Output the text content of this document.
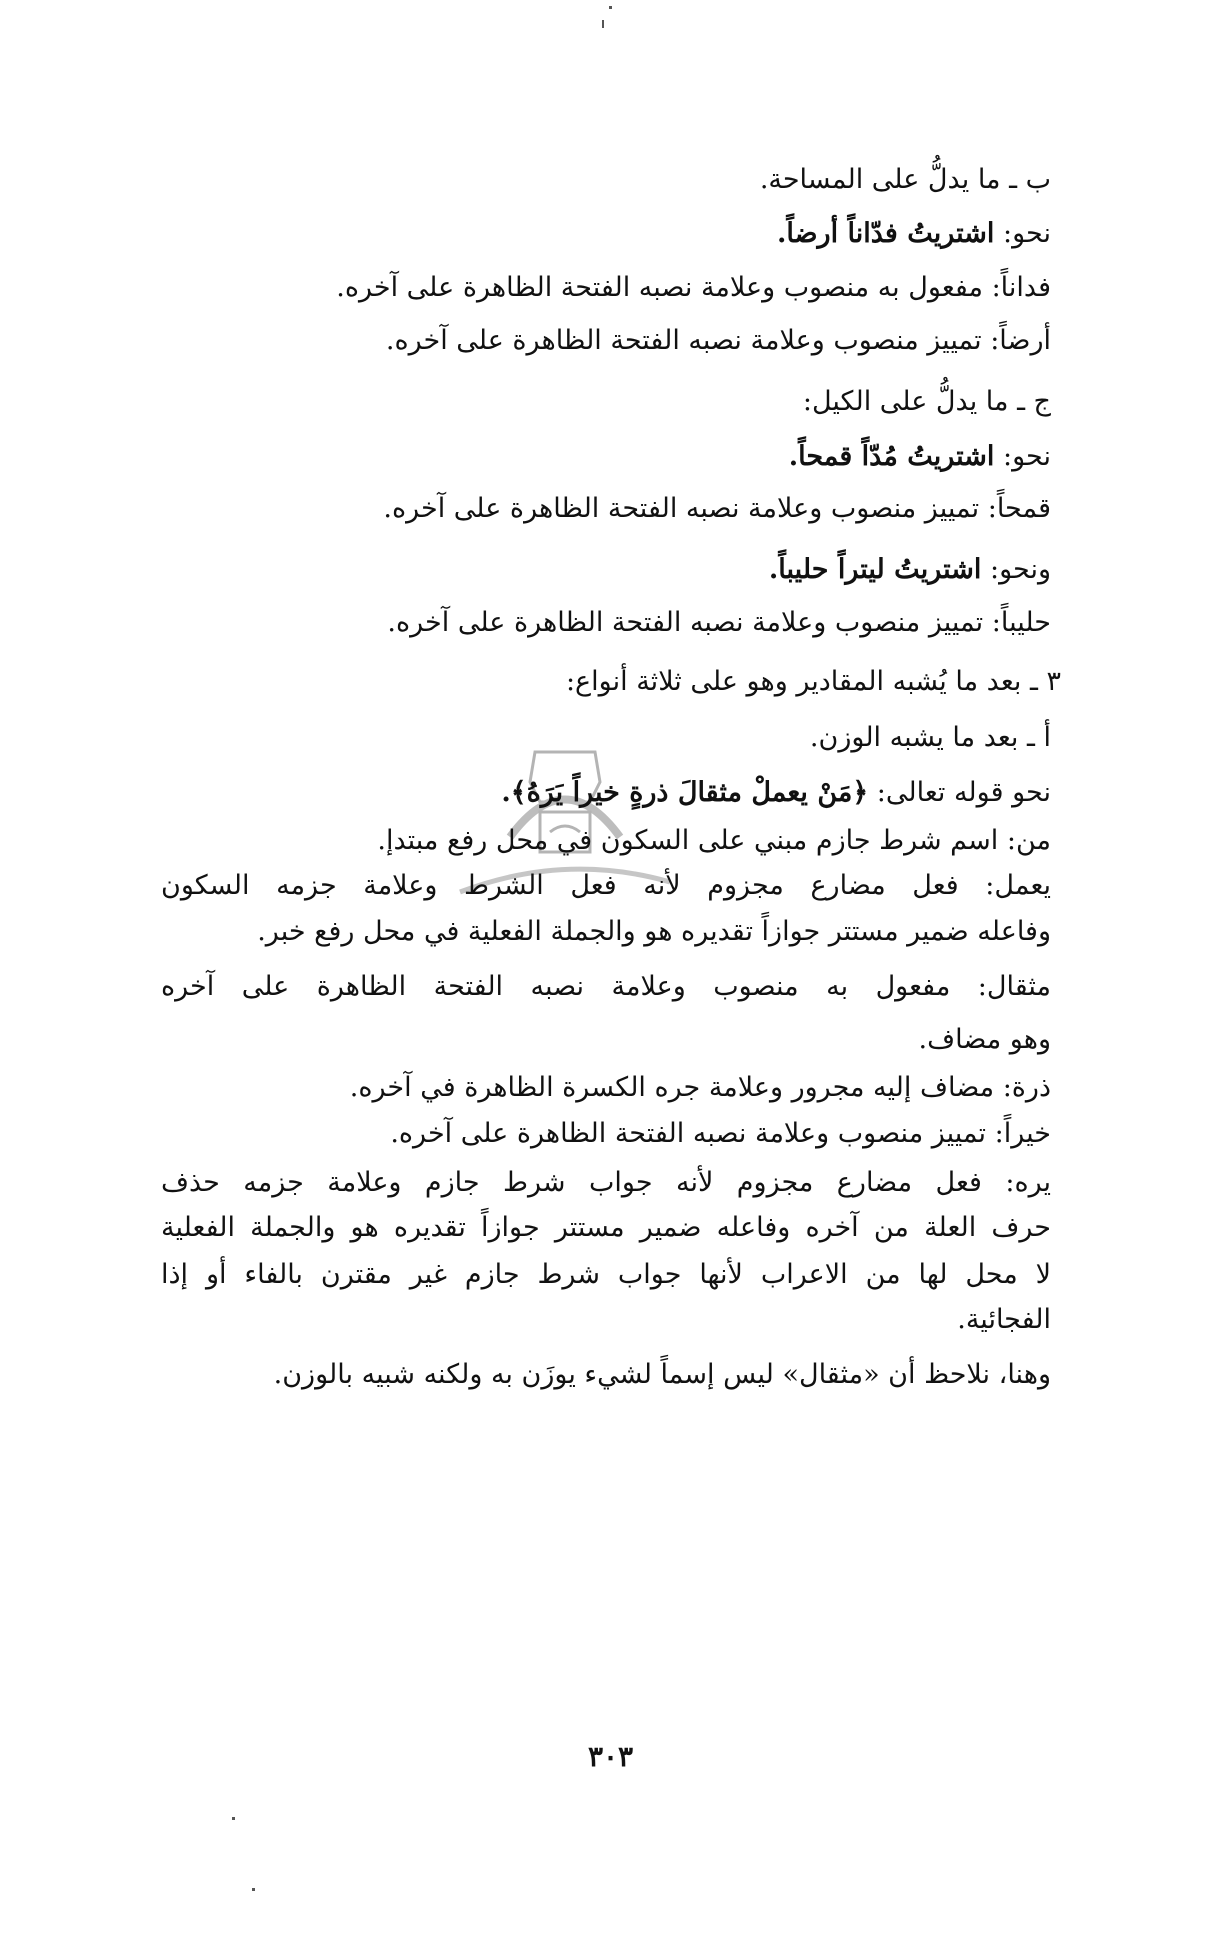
ب ـ ما يدلُّ على المساحة.
نحو: اشتريتُ فدّاناً أرضاً.
فداناً: مفعول به منصوب وعلامة نصبه الفتحة الظاهرة على آخره.
أرضاً: تمييز منصوب وعلامة نصبه الفتحة الظاهرة على آخره.
ج ـ ما يدلُّ على الكيل:
نحو: اشتريتُ مُدّاً قمحاً.
قمحاً: تمييز منصوب وعلامة نصبه الفتحة الظاهرة على آخره.
ونحو: اشتريتُ ليتراً حليباً.
حليباً: تمييز منصوب وعلامة نصبه الفتحة الظاهرة على آخره.
٣ ـ بعد ما يُشبه المقادير وهو على ثلاثة أنواع:
أ ـ بعد ما يشبه الوزن.
نحو قوله تعالى: ﴿مَنْ يعملْ مثقالَ ذرةٍ خيراً يَرَهُ﴾.
من: اسم شرط جازم مبني على السكون في محل رفع مبتدإ.
يعمل: فعل مضارع مجزوم لأنه فعل الشرط وعلامة جزمه السكون
وفاعله ضمير مستتر جوازاً تقديره هو والجملة الفعلية في محل رفع خبر.
مثقال: مفعول به منصوب وعلامة نصبه الفتحة الظاهرة على آخره
وهو مضاف.
ذرة: مضاف إليه مجرور وعلامة جره الكسرة الظاهرة في آخره.
خيراً: تمييز منصوب وعلامة نصبه الفتحة الظاهرة على آخره.
يره: فعل مضارع مجزوم لأنه جواب شرط جازم وعلامة جزمه حذف
حرف العلة من آخره وفاعله ضمير مستتر جوازاً تقديره هو والجملة الفعلية
لا محل لها من الاعراب لأنها جواب شرط جازم غير مقترن بالفاء أو إذا
الفجائية.
وهنا، نلاحظ أن «مثقال» ليس إسماً لشيء يوزَن به ولكنه شبيه بالوزن.
٣٠٣
